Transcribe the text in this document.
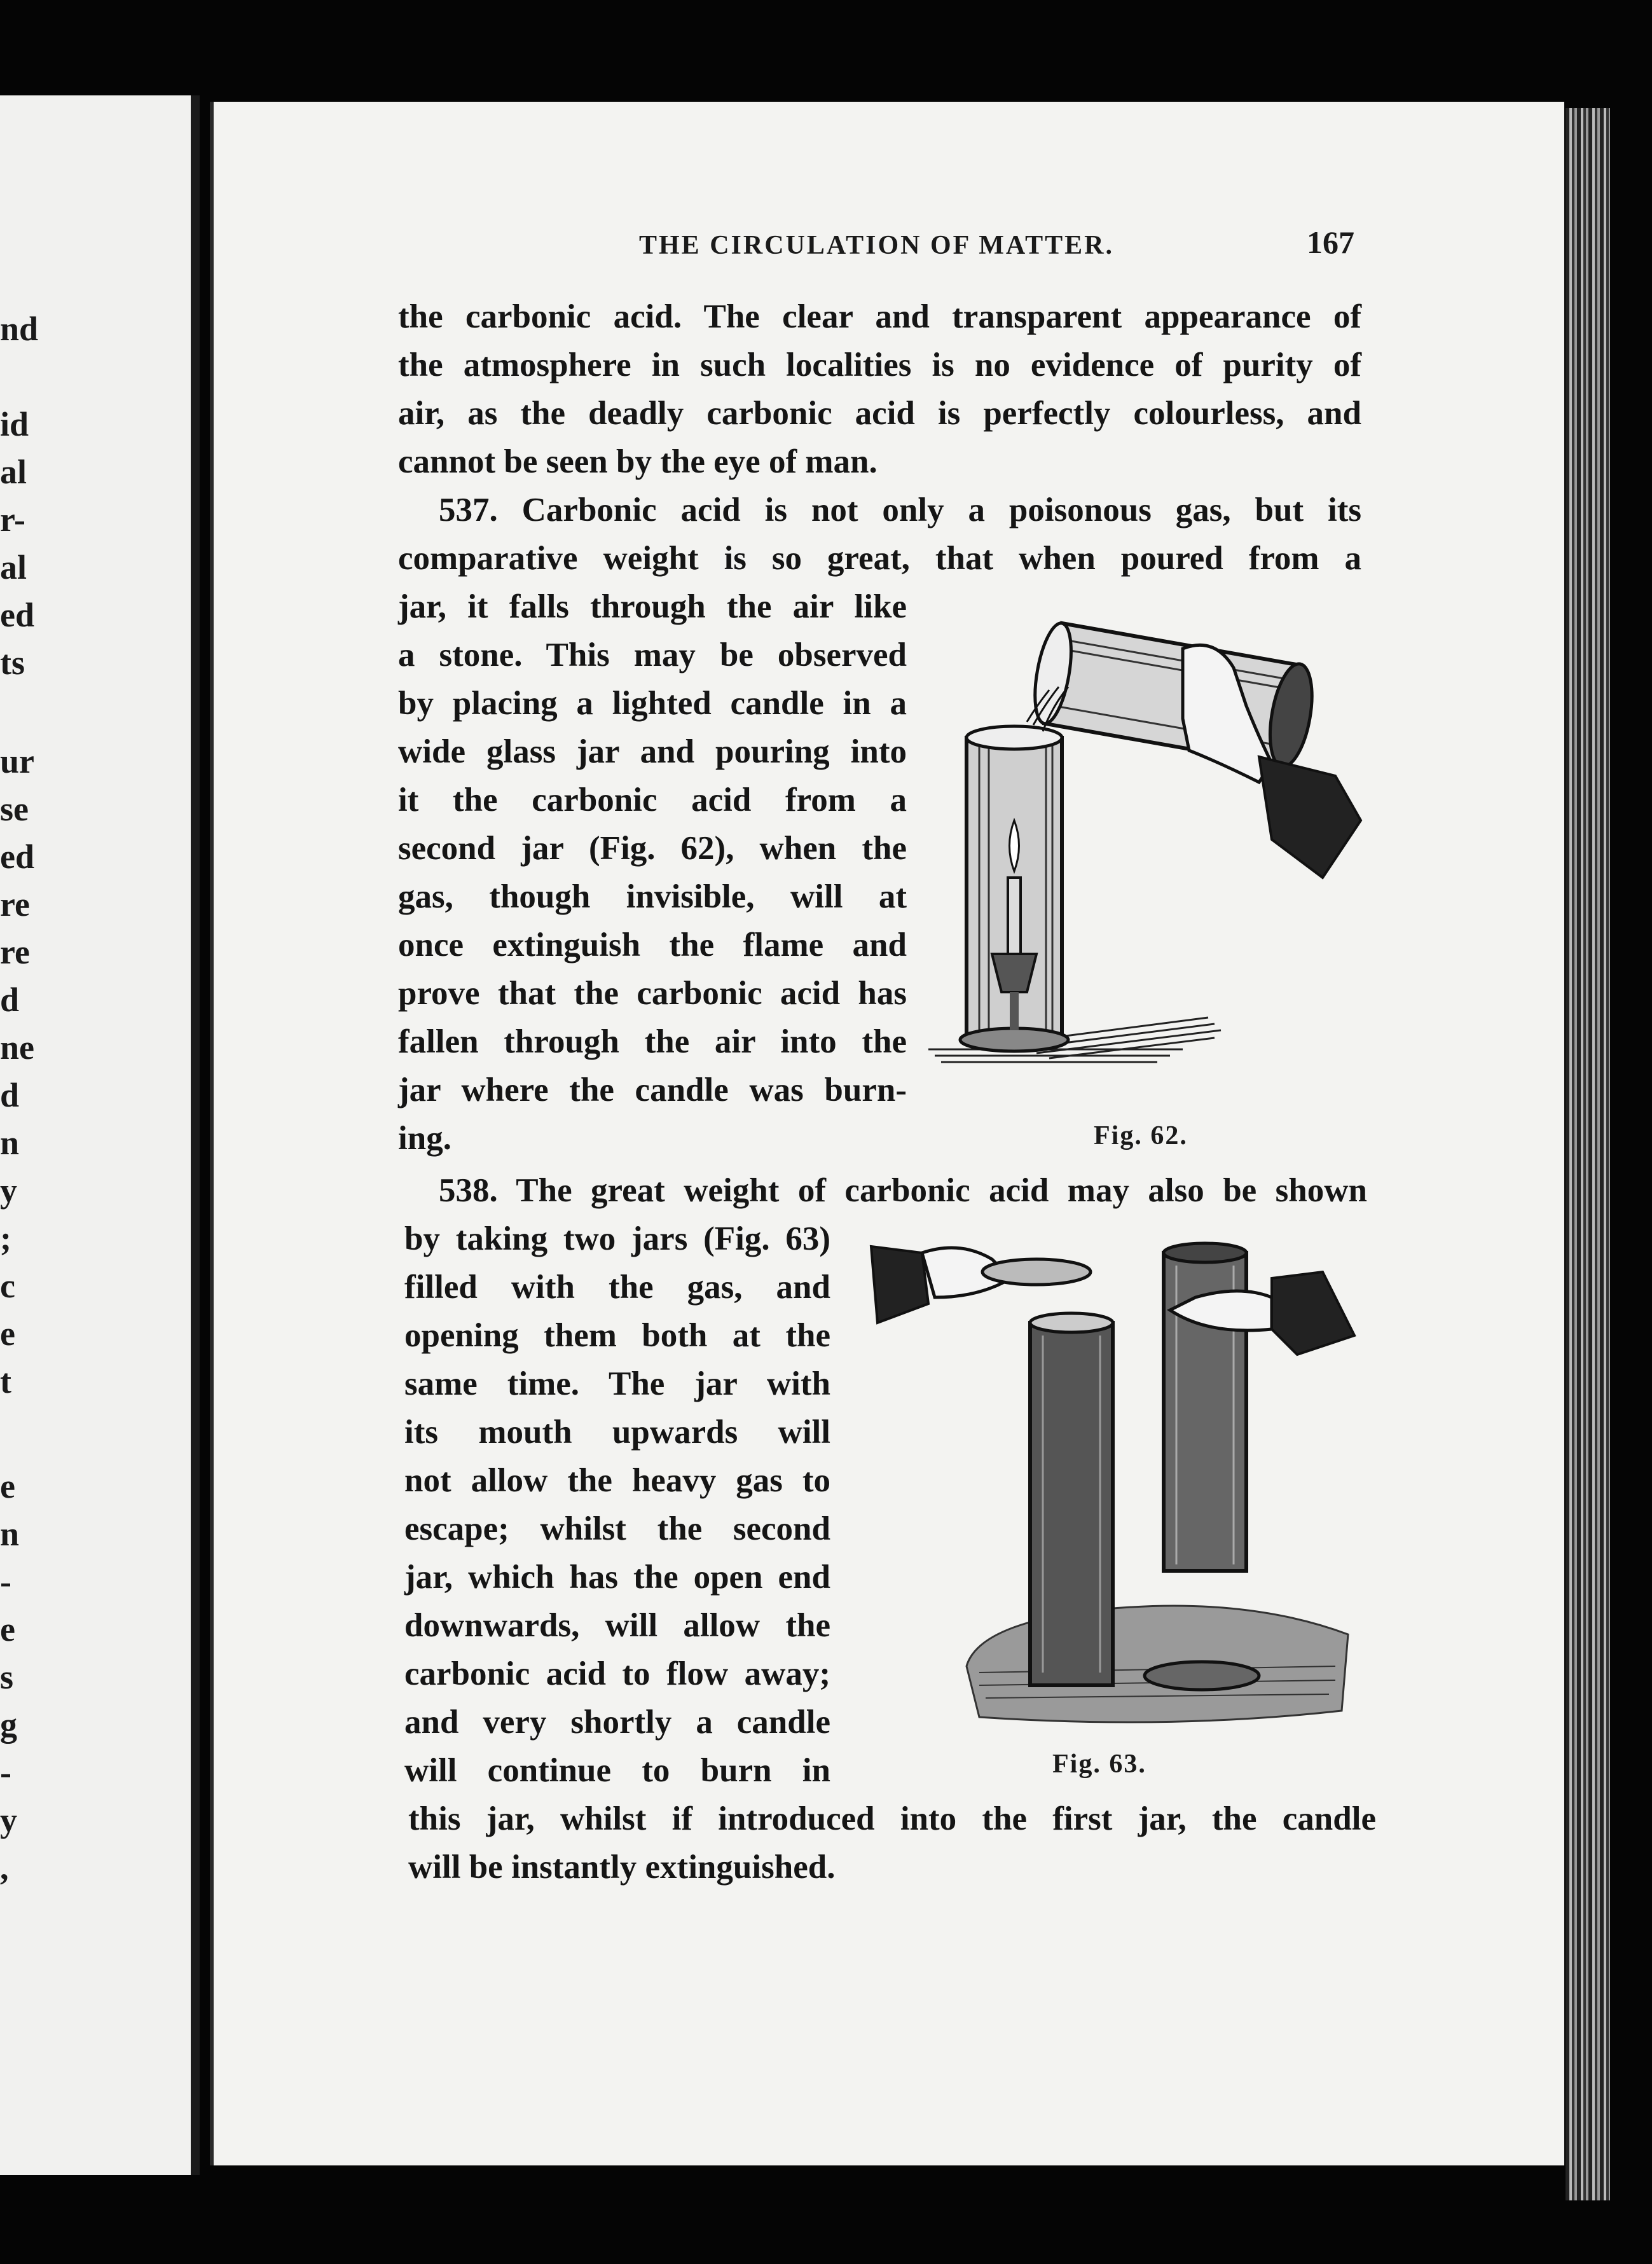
nd
id
al
r-
al
ed
ts
ur
se
ed
re
re
d
ne
d
n
y
;
c
e
t
e
n
-
e
s
g
-
y
,
THE CIRCULATION OF MATTER.	167
the carbonic acid. The clear and transparent appearance of
the atmosphere in such localities is no evidence of purity of
air, as the deadly carbonic acid is perfectly colourless, and
cannot be seen by the eye of man.
537. Carbonic acid is not only a poisonous gas, but its
comparative weight is so great, that when poured from a
jar, it falls through the air like
a stone. This may be observed
by placing a lighted candle in a
wide glass jar and pouring into
it the carbonic acid from a
second jar (Fig. 62), when the
gas, though invisible, will at
once extinguish the flame and
prove that the carbonic acid has
fallen through the air into the
jar where the candle was burn-
ing.	Fig. 62.
538. The great weight of carbonic acid may also be shown
by taking two jars (Fig. 63)
filled with the gas, and
opening them both at the
same time. The jar with
its mouth upwards will
not allow the heavy gas to
escape; whilst the second
jar, which has the open end
downwards, will allow the
carbonic acid to flow away;
and very shortly a candle
will continue to burn in
this jar, whilst if introduced into the first jar, the candle
will be instantly extinguished.
Fig. 63.
